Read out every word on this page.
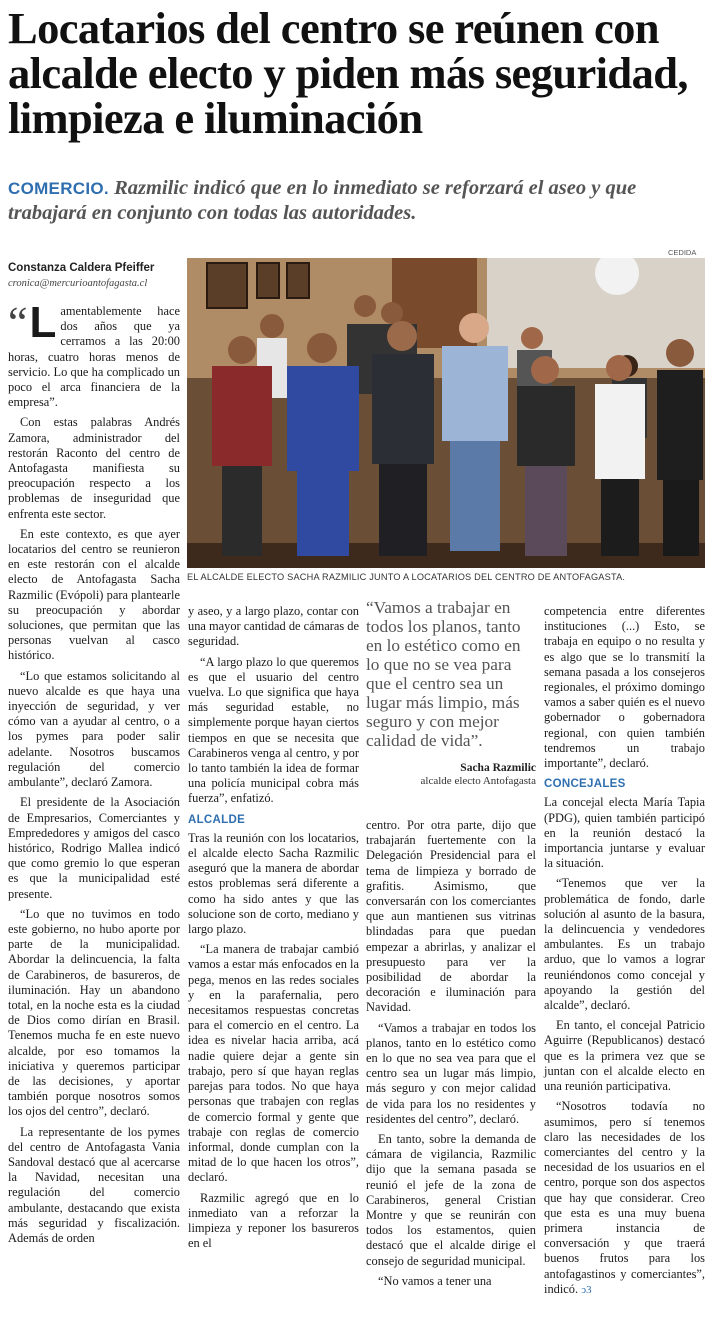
Locatarios del centro se reúnen con alcalde electo y piden más seguridad, limpieza e iluminación
COMERCIO. Razmilic indicó que en lo inmediato se reforzará el aseo y que trabajará en conjunto con todas las autoridades.
Constanza Caldera Pfeiffer
cronica@mercurioantofagasta.cl
CEDIDA
EL ALCALDE ELECTO SACHA RAZMILIC JUNTO A LOCATARIOS DEL CENTRO DE ANTOFAGASTA.
“ L amentablemente hace dos años que ya cerramos a las 20:00 horas, cuatro horas menos de servicio. Lo que ha complicado un poco el arca financiera de la empresa”.

Con estas palabras Andrés Zamora, administrador del restorán Raconto del centro de Antofagasta manifiesta su preocupación respecto a los problemas de inseguridad que enfrenta este sector.

En este contexto, es que ayer locatarios del centro se reunieron en este restorán con el alcalde electo de Antofagasta Sacha Razmilic (Evópoli) para plantearle su preocupación y abordar soluciones, que permitan que las personas vuelvan al casco histórico.

“Lo que estamos solicitando al nuevo alcalde es que haya una inyección de seguridad, y ver cómo van a ayudar al centro, o a los pymes para poder salir adelante. Nosotros buscamos regulación del comercio ambulante”, declaró Zamora.

El presidente de la Asociación de Empresarios, Comerciantes y Emprededores y amigos del casco histórico, Rodrigo Mallea indicó que como gremio lo que esperan es que la municipalidad esté presente.

“Lo que no tuvimos en todo este gobierno, no hubo aporte por parte de la municipalidad. Abordar la delincuencia, la falta de Carabineros, de basureros, de iluminación. Hay un abandono total, en la noche esta es la ciudad de Dios como dirían en Brasil. Tenemos mucha fe en este nuevo alcalde, por eso tomamos la iniciativa y queremos participar de las decisiones, y aportar también porque nosotros somos los ojos del centro”, declaró.

La representante de los pymes del centro de Antofagasta Vania Sandoval destacó que al acercarse la Navidad, necesitan una regulación del comercio ambulante, destacando que exista más seguridad y fiscalización. Además de orden

y aseo, y a largo plazo, contar con una mayor cantidad de cámaras de seguridad.

“A largo plazo lo que queremos es que el usuario del centro vuelva. Lo que significa que haya más seguridad estable, no simplemente porque hayan ciertos tiempos en que se necesita que Carabineros venga al centro, y por lo tanto también la idea de formar una policía municipal cobra más fuerza”, enfatizó.

ALCALDE

Tras la reunión con los locatarios, el alcalde electo Sacha Razmilic aseguró que la manera de abordar estos problemas será diferente a como ha sido antes y que las solucione son de corto, mediano y largo plazo.

“La manera de trabajar cambió vamos a estar más enfocados en la pega, menos en las redes sociales y en la parafernalia, pero necesitamos respuestas concretas para el comercio en el centro. La idea es nivelar hacia arriba, acá nadie quiere dejar a gente sin trabajo, pero sí que hayan reglas parejas para todos. No que haya personas que trabajen con reglas de comercio formal y gente que trabaje con reglas de comercio informal, donde cumplan con la mitad de lo que hacen los otros”, declaró.

Razmilic agregó que en lo inmediato van a reforzar la limpieza y reponer los basureros en el

“Vamos a trabajar en todos los planos, tanto en lo estético como en lo que no se vea para que el centro sea un lugar más limpio, más seguro y con mejor calidad de vida”.
Sacha Razmilic
alcalde electo Antofagasta

centro. Por otra parte, dijo que trabajarán fuertemente con la Delegación Presidencial para el tema de limpieza y borrado de grafitis. Asimismo, que conversarán con los comerciantes que aun mantienen sus vitrinas blindadas para que puedan empezar a abrirlas, y analizar el presupuesto para ver la posibilidad de abordar la decoración e iluminación para Navidad.

“Vamos a trabajar en todos los planos, tanto en lo estético como en lo que no sea vea para que el centro sea un lugar más limpio, más seguro y con mejor calidad de vida para los no residentes y residentes del centro”, declaró.

En tanto, sobre la demanda de cámara de vigilancia, Razmilic dijo que la semana pasada se reunió el jefe de la zona de Carabineros, general Cristian Montre y que se reunirán con todos los estamentos, quien destacó que el alcalde dirige el consejo de seguridad municipal.

“No vamos a tener una

competencia entre diferentes instituciones (...) Esto, se trabaja en equipo o no resulta y es algo que se lo transmití la semana pasada a los consejeros regionales, el próximo domingo vamos a saber quién es el nuevo gobernador o gobernadora regional, con quien también tendremos un trabajo importante”, declaró.

CONCEJALES

La concejal electa María Tapia (PDG), quien también participó en la reunión destacó la importancia juntarse y evaluar la situación.

“Tenemos que ver la problemática de fondo, darle solución al asunto de la basura, la delincuencia y vendedores ambulantes. Es un trabajo arduo, que lo vamos a lograr reuniéndonos como concejal y apoyando la gestión del alcalde”, declaró.

En tanto, el concejal Patricio Aguirre (Republicanos) destacó que es la primera vez que se juntan con el alcalde electo en una reunión participativa.

“Nosotros todavía no asumimos, pero sí tenemos claro las necesidades de los comerciantes del centro y la necesidad de los usuarios en el centro, porque son dos aspectos que hay que considerar. Creo que esta es una muy buena primera instancia de conversación y que traerá buenos frutos para los antofagastinos y comerciantes”, indicó. ↄ3
